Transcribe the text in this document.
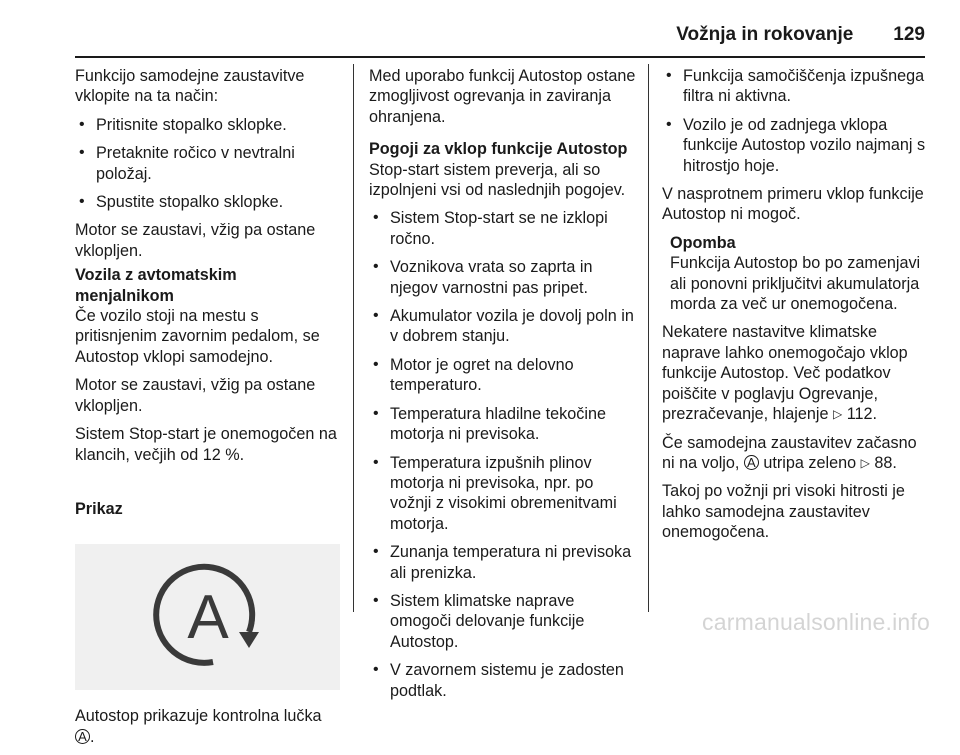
Vožnja in rokovanje 129

Funkcijo samodejne zaustavitve vklopite na ta način:

• Pritisnite stopalko sklopke.
• Pretaknite ročico v nevtralni položaj.
• Spustite stopalko sklopke.

Motor se zaustavi, vžig pa ostane vklopljen.

Vozila z avtomatskim menjalnikom

Če vozilo stoji na mestu s pritisnjenim zavornim pedalom, se Autostop vklopi samodejno.

Motor se zaustavi, vžig pa ostane vklopljen.

Sistem Stop-start je onemogočen na klancih, večjih od 12 %.

Prikaz

A

Autostop prikazuje kontrolna lučka
A .

Med uporabo funkcij Autostop ostane zmogljivost ogrevanja in zaviranja ohranjena.

Pogoji za vklop funkcije Autostop

Stop-start sistem preverja, ali so izpolnjeni vsi od naslednjih pogojev.

• Sistem Stop-start se ne izklopi ročno.
• Voznikova vrata so zaprta in njegov varnostni pas pripet.
• Akumulator vozila je dovolj poln in v dobrem stanju.
• Motor je ogret na delovno temperaturo.
• Temperatura hladilne tekočine motorja ni previsoka.
• Temperatura izpušnih plinov motorja ni previsoka, npr. po vožnji z visokimi obremenitvami motorja.
• Zunanja temperatura ni previsoka ali prenizka.
• Sistem klimatske naprave omogoči delovanje funkcije Autostop.
• V zavornem sistemu je zadosten podtlak.
• Funkcija samočiščenja izpušnega filtra ni aktivna.
• Vozilo je od zadnjega vklopa funkcije Autostop vozilo najmanj s hitrostjo hoje.

V nasprotnem primeru vklop funkcije Autostop ni mogoč.

Opomba
Funkcija Autostop bo po zamenjavi ali ponovni priključitvi akumulatorja morda za več ur onemogočena.

Nekatere nastavitve klimatske naprave lahko onemogočajo vklop funkcije Autostop. Več podatkov poiščite v poglavju Ogrevanje, prezračevanje, hlajenje ▷ 112.

Če samodejna zaustavitev začasno ni na voljo, A utripa zeleno ▷ 88.

Takoj po vožnji pri visoki hitrosti je lahko samodejna zaustavitev onemogočena.

carmanualsonline.info
